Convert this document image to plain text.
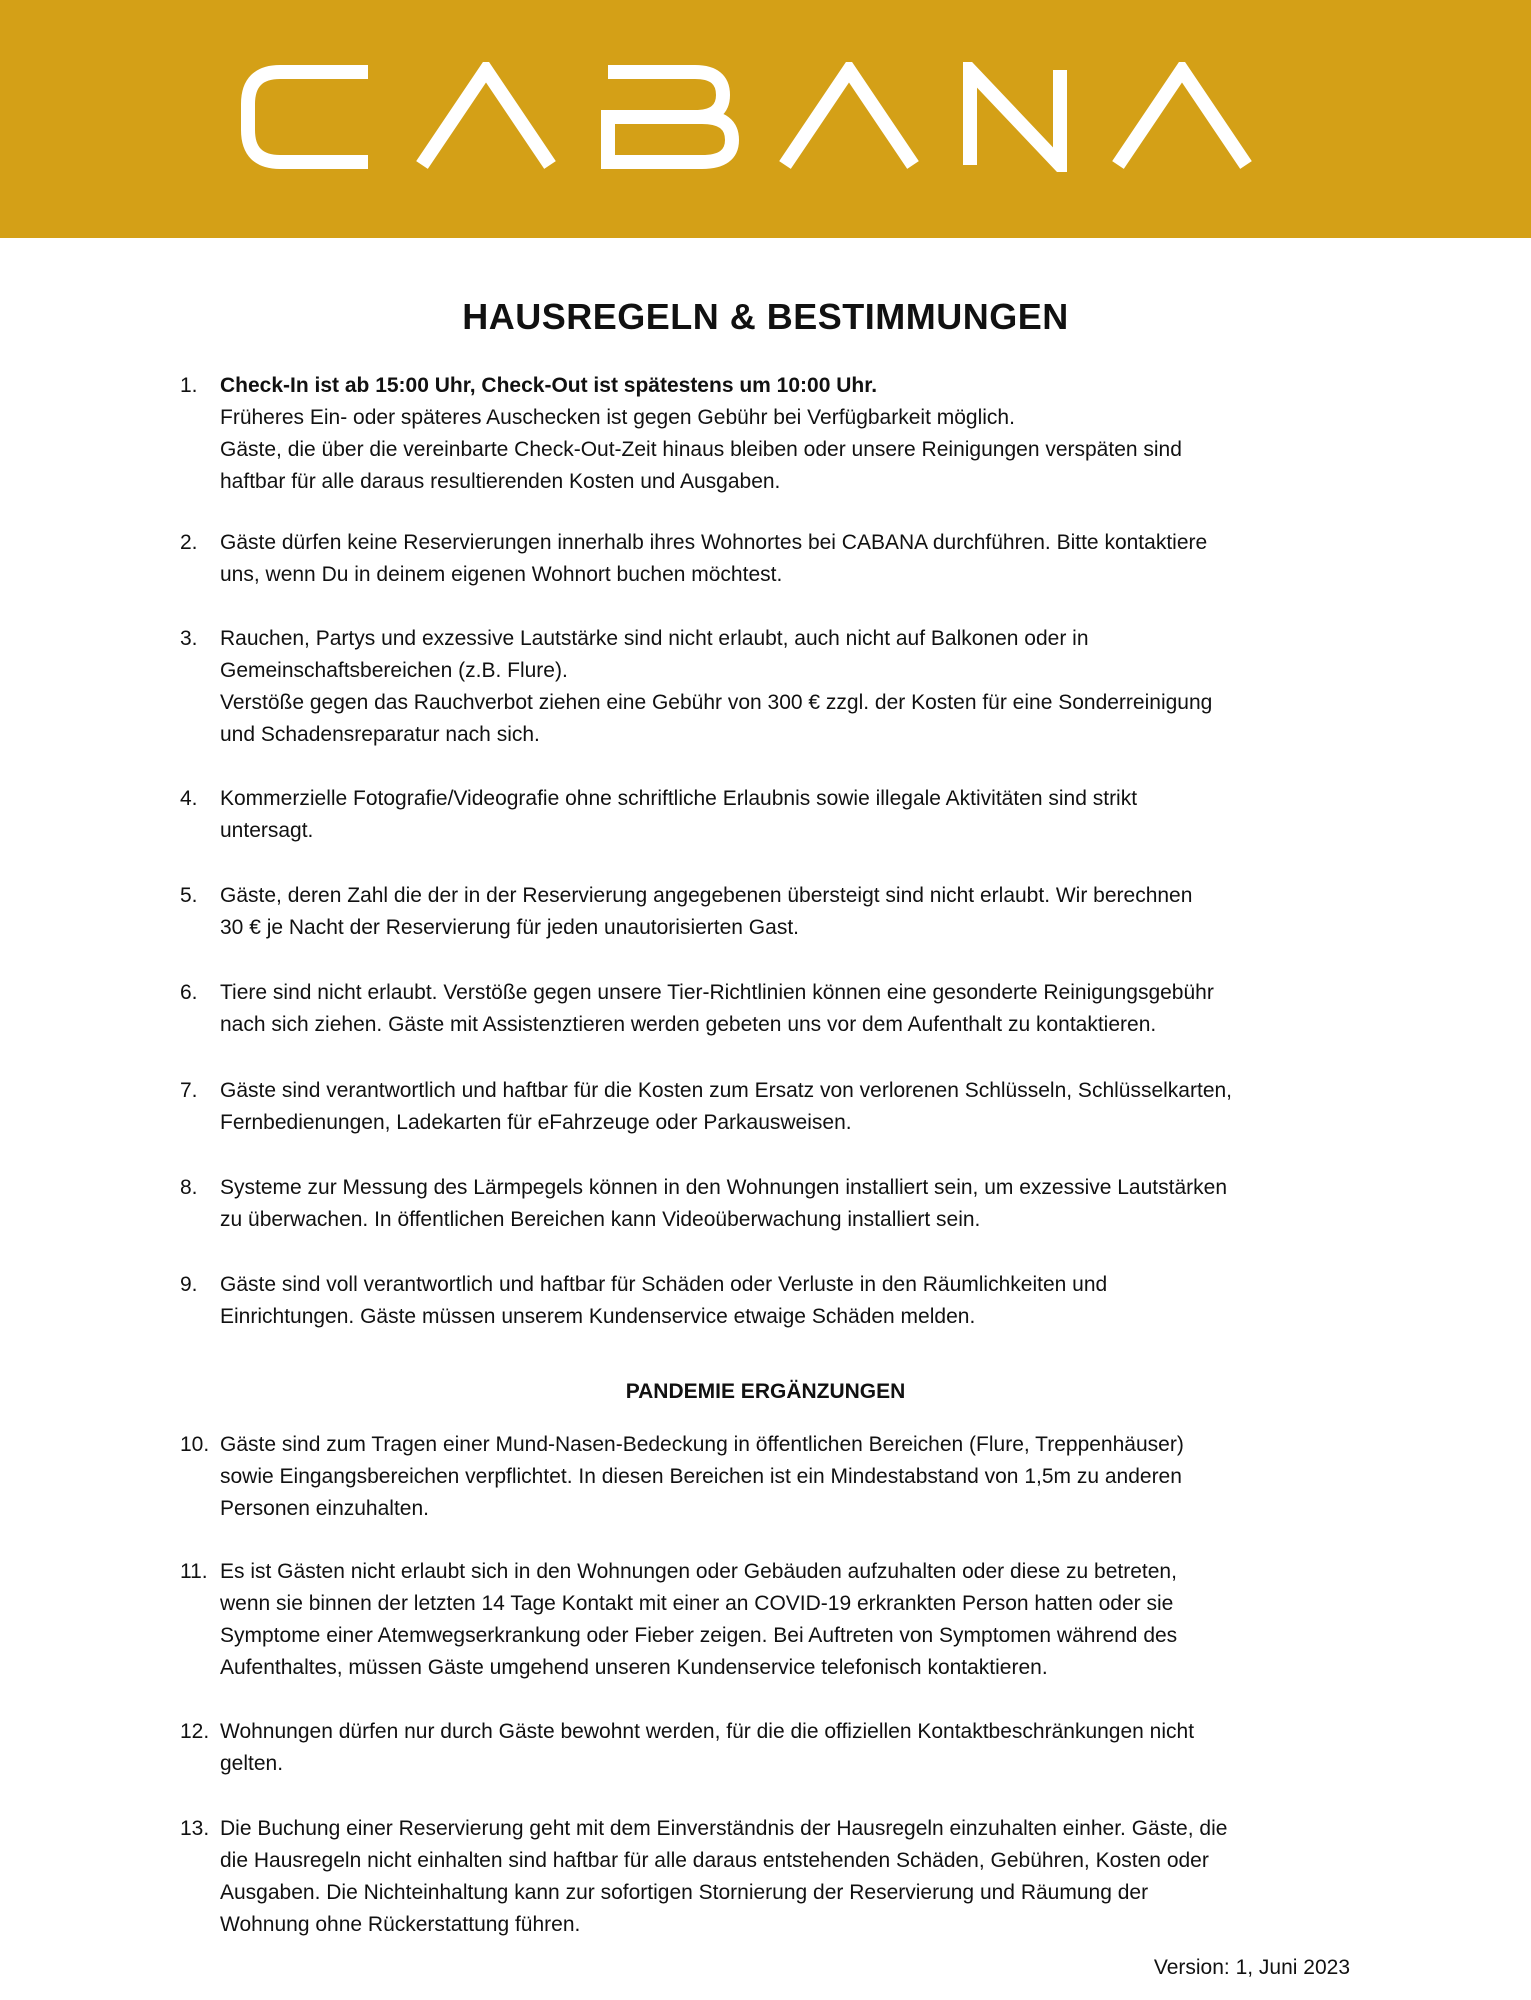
HAUSREGELN & BESTIMMUNGEN
1.	Check-In ist ab 15:00 Uhr, Check-Out ist spätestens um 10:00 Uhr.
Früheres Ein- oder späteres Auschecken ist gegen Gebühr bei Verfügbarkeit möglich.
Gäste, die über die vereinbarte Check-Out-Zeit hinaus bleiben oder unsere Reinigungen verspäten sind
haftbar für alle daraus resultierenden Kosten und Ausgaben.
2.	Gäste dürfen keine Reservierungen innerhalb ihres Wohnortes bei CABANA durchführen. Bitte kontaktiere
uns, wenn Du in deinem eigenen Wohnort buchen möchtest.
3.	Rauchen, Partys und exzessive Lautstärke sind nicht erlaubt, auch nicht auf Balkonen oder in
Gemeinschaftsbereichen (z.B. Flure).
Verstöße gegen das Rauchverbot ziehen eine Gebühr von 300 € zzgl. der Kosten für eine Sonderreinigung
und Schadensreparatur nach sich.
4.	Kommerzielle Fotografie/Videografie ohne schriftliche Erlaubnis sowie illegale Aktivitäten sind strikt
untersagt.
5.	Gäste, deren Zahl die der in der Reservierung angegebenen übersteigt sind nicht erlaubt. Wir berechnen
30 € je Nacht der Reservierung für jeden unautorisierten Gast.
6.	Tiere sind nicht erlaubt. Verstöße gegen unsere Tier-Richtlinien können eine gesonderte Reinigungsgebühr
nach sich ziehen. Gäste mit Assistenztieren werden gebeten uns vor dem Aufenthalt zu kontaktieren.
7.	Gäste sind verantwortlich und haftbar für die Kosten zum Ersatz von verlorenen Schlüsseln, Schlüsselkarten,
Fernbedienungen, Ladekarten für eFahrzeuge oder Parkausweisen.
8.	Systeme zur Messung des Lärmpegels können in den Wohnungen installiert sein, um exzessive Lautstärken
zu überwachen. In öffentlichen Bereichen kann Videoüberwachung installiert sein.
9.	Gäste sind voll verantwortlich und haftbar für Schäden oder Verluste in den Räumlichkeiten und
Einrichtungen. Gäste müssen unserem Kundenservice etwaige Schäden melden.
PANDEMIE ERGÄNZUNGEN
10. Gäste sind zum Tragen einer Mund-Nasen-Bedeckung in öffentlichen Bereichen (Flure, Treppenhäuser)
sowie Eingangsbereichen verpflichtet. In diesen Bereichen ist ein Mindestabstand von 1,5m zu anderen
Personen einzuhalten.
11. Es ist Gästen nicht erlaubt sich in den Wohnungen oder Gebäuden aufzuhalten oder diese zu betreten,
wenn sie binnen der letzten 14 Tage Kontakt mit einer an COVID-19 erkrankten Person hatten oder sie
Symptome einer Atemwegserkrankung oder Fieber zeigen. Bei Auftreten von Symptomen während des
Aufenthaltes, müssen Gäste umgehend unseren Kundenservice telefonisch kontaktieren.
12. Wohnungen dürfen nur durch Gäste bewohnt werden, für die die offiziellen Kontaktbeschränkungen nicht
gelten.
13. Die Buchung einer Reservierung geht mit dem Einverständnis der Hausregeln einzuhalten einher. Gäste, die
die Hausregeln nicht einhalten sind haftbar für alle daraus entstehenden Schäden, Gebühren, Kosten oder
Ausgaben. Die Nichteinhaltung kann zur sofortigen Stornierung der Reservierung und Räumung der
Wohnung ohne Rückerstattung führen.
Version: 1, Juni 2023
